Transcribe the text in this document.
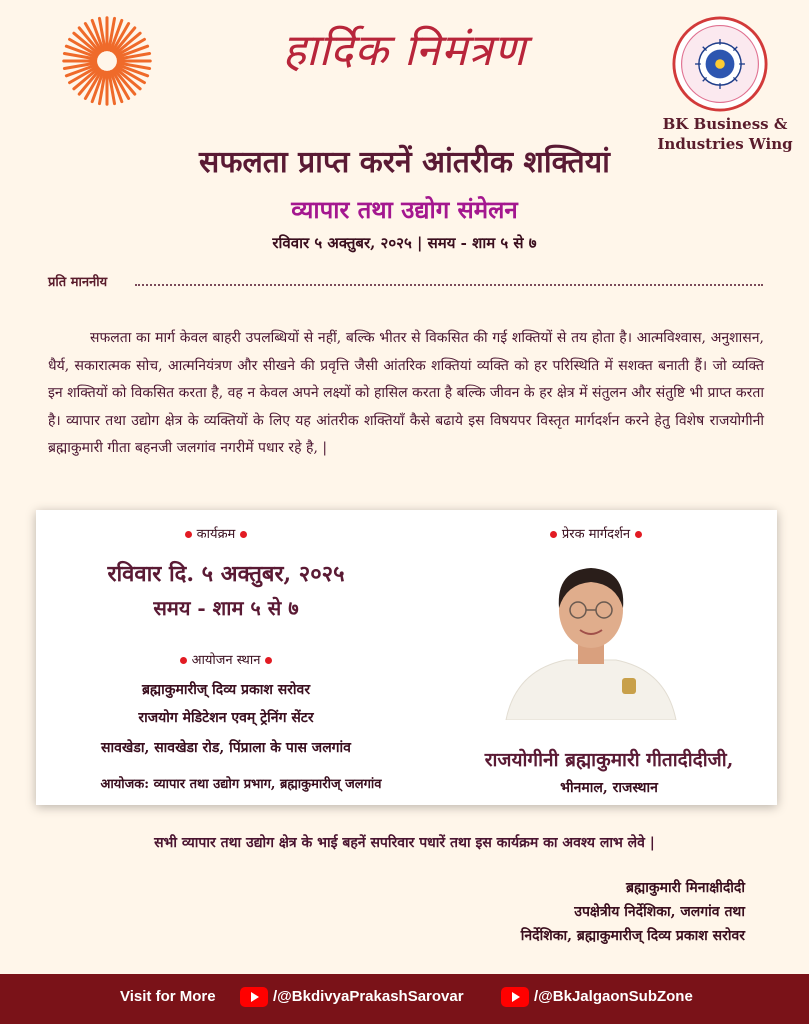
हार्दिक निमंत्रण
BK Business &
Industries Wing
सफलता प्राप्त करनें आंतरीक शक्तियां
व्यापार तथा उद्योग संमेलन
रविवार ५ अक्तुबर, २०२५ | समय - शाम ५ से ७
प्रति माननीय
सफलता का मार्ग केवल बाहरी उपलब्धियों से नहीं, बल्कि भीतर से विकसित की गई शक्तियों से तय होता है। आत्मविश्वास, अनुशासन, धैर्य, सकारात्मक सोच, आत्मनियंत्रण और सीखने की प्रवृत्ति जैसी आंतरिक शक्तियां व्यक्ति को हर परिस्थिति में सशक्त बनाती हैं। जो व्यक्ति इन शक्तियों को विकसित करता है, वह न केवल अपने लक्ष्यों को हासिल करता है बल्कि जीवन के हर क्षेत्र में संतुलन और संतुष्टि भी प्राप्त करता है। व्यापार तथा उद्योग क्षेत्र के व्यक्तियों के लिए यह आंतरीक शक्तियाँ कैसे बढाये इस विषयपर विस्तृत मार्गदर्शन करने हेतु विशेष राजयोगीनी ब्रह्माकुमारी गीता बहनजी जलगांव नगरीमें पधार रहे है, |
कार्यक्रम
रविवार दि. ५ अक्तुबर, २०२५
समय - शाम ५ से ७
आयोजन स्थान
ब्रह्माकुमारीज् दिव्य प्रकाश सरोवर
राजयोग मेडिटेशन एवम् ट्रेनिंग सेंटर
सावखेडा, सावखेडा रोड, पिंप्राला के पास जलगांव
आयोजक: व्यापार तथा उद्योग प्रभाग, ब्रह्माकुमारीज् जलगांव
प्रेरक मार्गदर्शन
राजयोगीनी ब्रह्माकुमारी गीतादीदीजी,
भीनमाल, राजस्थान
सभी व्यापार तथा उद्योग क्षेत्र के भाई बहनें सपरिवार पधारें तथा इस कार्यक्रम का अवश्य लाभ लेवे |
ब्रह्माकुमारी मिनाक्षीदीदी
उपक्षेत्रीय निर्देशिका, जलगांव तथा
निर्देशिका, ब्रह्माकुमारीज् दिव्य प्रकाश सरोवर
Visit for More	/@BkdivyaPrakashSarovar	/@BkJalgaonSubZone
